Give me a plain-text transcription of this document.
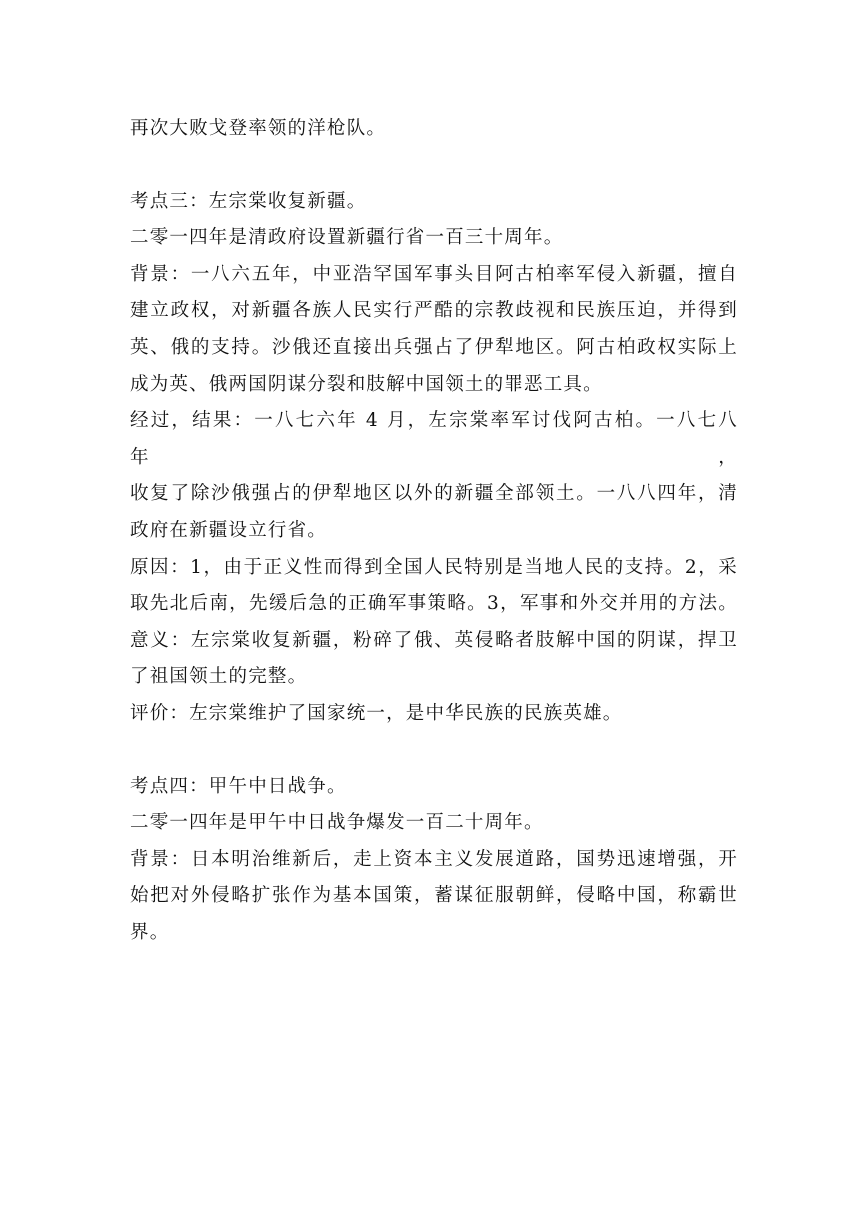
再次大败戈登率领的洋枪队。
考点三：左宗棠收复新疆。
二零一四年是清政府设置新疆行省一百三十周年。
背景：一八六五年，中亚浩罕国军事头目阿古柏率军侵入新疆，擅自
建立政权，对新疆各族人民实行严酷的宗教歧视和民族压迫，并得到
英、俄的支持。沙俄还直接出兵强占了伊犁地区。阿古柏政权实际上
成为英、俄两国阴谋分裂和肢解中国领土的罪恶工具。
经过，结果：一八七六年 4 月，左宗棠率军讨伐阿古柏。一八七八年，
收复了除沙俄强占的伊犁地区以外的新疆全部领土。一八八四年，清
政府在新疆设立行省。
原因：1，由于正义性而得到全国人民特别是当地人民的支持。2，采
取先北后南，先缓后急的正确军事策略。3，军事和外交并用的方法。
意义：左宗棠收复新疆，粉碎了俄、英侵略者肢解中国的阴谋，捍卫
了祖国领土的完整。
评价：左宗棠维护了国家统一，是中华民族的民族英雄。
考点四：甲午中日战争。
二零一四年是甲午中日战争爆发一百二十周年。
背景：日本明治维新后，走上资本主义发展道路，国势迅速增强，开
始把对外侵略扩张作为基本国策，蓄谋征服朝鲜，侵略中国，称霸世
界。
